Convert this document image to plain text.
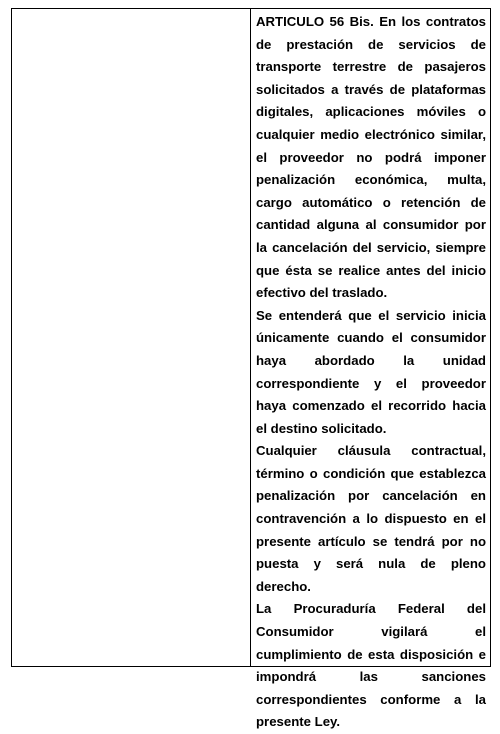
ARTICULO 56 Bis. En los contratos de prestación de servicios de transporte terrestre de pasajeros solicitados a través de plataformas digitales, aplicaciones móviles o cualquier medio electrónico similar, el proveedor no podrá imponer penalización económica, multa, cargo automático o retención de cantidad alguna al consumidor por la cancelación del servicio, siempre que ésta se realice antes del inicio efectivo del traslado.

Se entenderá que el servicio inicia únicamente cuando el consumidor haya abordado la unidad correspondiente y el proveedor haya comenzado el recorrido hacia el destino solicitado.

Cualquier cláusula contractual, término o condición que establezca penalización por cancelación en contravención a lo dispuesto en el presente artículo se tendrá por no puesta y será nula de pleno derecho.

La Procuraduría Federal del Consumidor vigilará el cumplimiento de esta disposición e impondrá las sanciones correspondientes conforme a la presente Ley.
